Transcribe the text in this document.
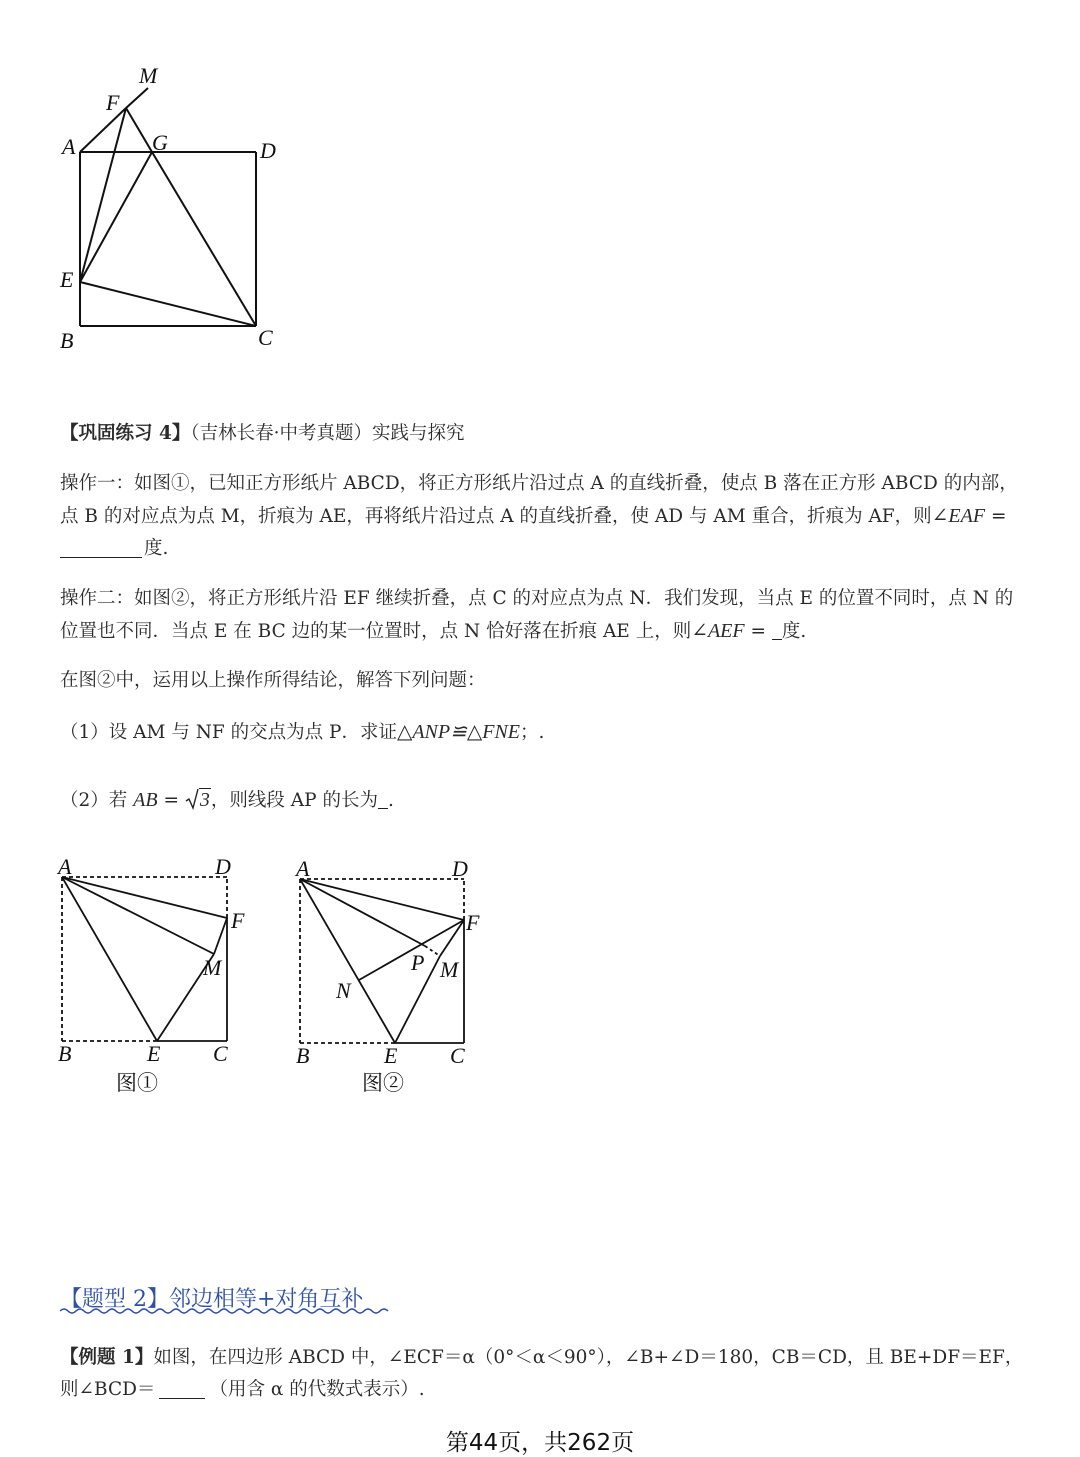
M
F
A	G	D
E
B	C

【巩固练习 4】（吉林长春·中考真题）实践与探究

操作一：如图①，已知正方形纸片 ABCD，将正方形纸片沿过点 A 的直线折叠，使点 B 落在正方形 ABCD 的内部，点 B 的对应点为点 M，折痕为 AE，再将纸片沿过点 A 的直线折叠，使 AD 与 AM 重合，折痕为 AF，则∠EAF =
度.

操作二：如图②，将正方形纸片沿 EF 继续折叠，点 C 的对应点为点 N．我们发现，当点 E 的位置不同时，点 N 的位置也不同．当点 E 在 BC 边的某一位置时，点 N 恰好落在折痕 AE 上，则∠AEF = 度.

在图②中，运用以上操作所得结论，解答下列问题：

（1）设 AM 与 NF 的交点为点 P．求证△ANP≌△FNE；.

（2）若 AB = 3，则线段 AP 的长为 .

A	D
F
M
B	E C
图①
A	D
F
P M
N
B	E C
图②

【题型 2】邻边相等+对角互补

【例题 1】如图，在四边形 ABCD 中，∠ECF＝α（0°＜α＜90°），∠B+∠D＝180，CB＝CD，且 BE+DF＝EF，则∠BCD＝	（用含 α 的代数式表示）.

第44页，共262页
